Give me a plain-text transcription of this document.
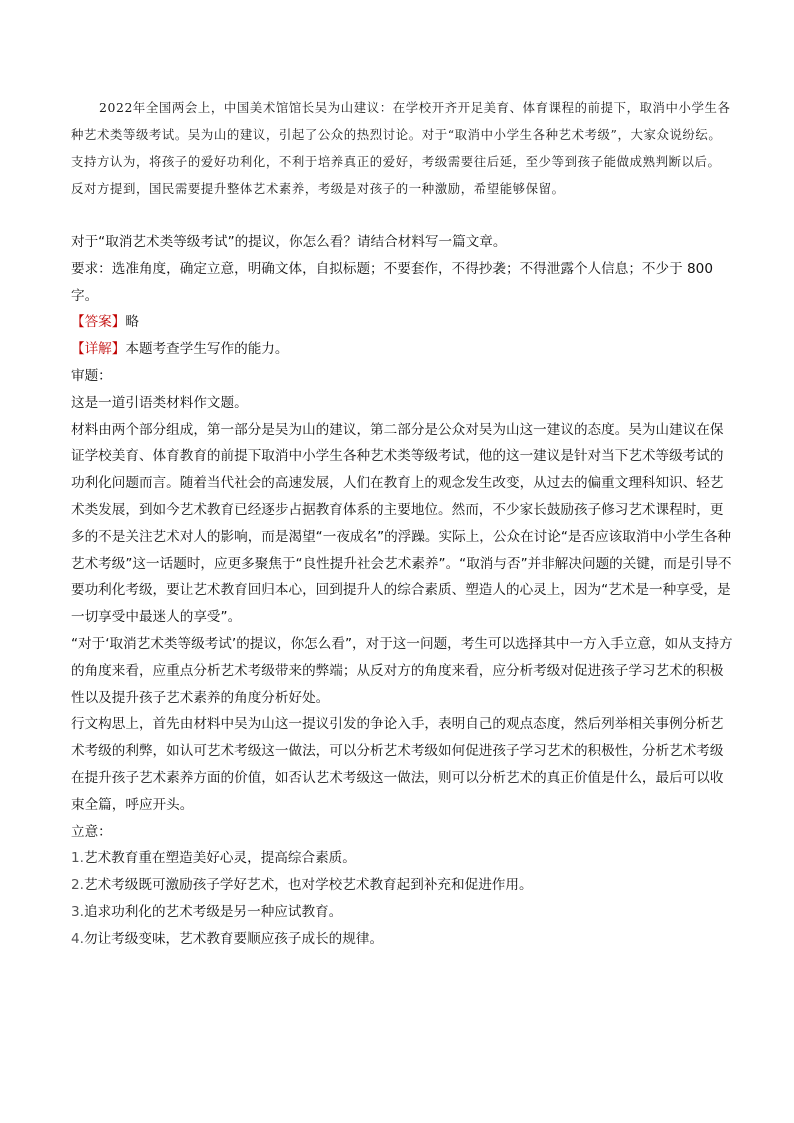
2022年全国两会上，中国美术馆馆长吴为山建议：在学校开齐开足美育、体育课程的前提下，取消中小学生各种艺术类等级考试。吴为山的建议，引起了公众的热烈讨论。对于“取消中小学生各种艺术考级”，大家众说纷纭。支持方认为，将孩子的爱好功利化，不利于培养真正的爱好，考级需要往后延，至少等到孩子能做成熟判断以后。反对方提到，国民需要提升整体艺术素养，考级是对孩子的一种激励，希望能够保留。

对于“取消艺术类等级考试”的提议，你怎么看？请结合材料写一篇文章。

要求：选准角度，确定立意，明确文体，自拟标题；不要套作，不得抄袭；不得泄露个人信息；不少于 800字。

【答案】略

【详解】本题考查学生写作的能力。

审题：

这是一道引语类材料作文题。

材料由两个部分组成，第一部分是吴为山的建议，第二部分是公众对吴为山这一建议的态度。吴为山建议在保证学校美育、体育教育的前提下取消中小学生各种艺术类等级考试，他的这一建议是针对当下艺术等级考试的功利化问题而言。随着当代社会的高速发展，人们在教育上的观念发生改变，从过去的偏重文理科知识、轻艺术类发展，到如今艺术教育已经逐步占据教育体系的主要地位。然而，不少家长鼓励孩子修习艺术课程时，更多的不是关注艺术对人的影响，而是渴望“一夜成名”的浮躁。实际上，公众在讨论“是否应该取消中小学生各种艺术考级”这一话题时，应更多聚焦于“良性提升社会艺术素养”。“取消与否”并非解决问题的关键，而是引导不要功利化考级，要让艺术教育回归本心，回到提升人的综合素质、塑造人的心灵上，因为“艺术是一种享受，是一切享受中最迷人的享受”。

“对于‘取消艺术类等级考试’的提议，你怎么看”，对于这一问题，考生可以选择其中一方入手立意，如从支持方的角度来看，应重点分析艺术考级带来的弊端；从反对方的角度来看，应分析考级对促进孩子学习艺术的积极性以及提升孩子艺术素养的角度分析好处。

行文构思上，首先由材料中吴为山这一提议引发的争论入手，表明自己的观点态度，然后列举相关事例分析艺术考级的利弊，如认可艺术考级这一做法，可以分析艺术考级如何促进孩子学习艺术的积极性，分析艺术考级在提升孩子艺术素养方面的价值，如否认艺术考级这一做法，则可以分析艺术的真正价值是什么，最后可以收束全篇，呼应开头。

立意：

1.艺术教育重在塑造美好心灵，提高综合素质。

2.艺术考级既可激励孩子学好艺术，也对学校艺术教育起到补充和促进作用。

3.追求功利化的艺术考级是另一种应试教育。

4.勿让考级变味，艺术教育要顺应孩子成长的规律。
